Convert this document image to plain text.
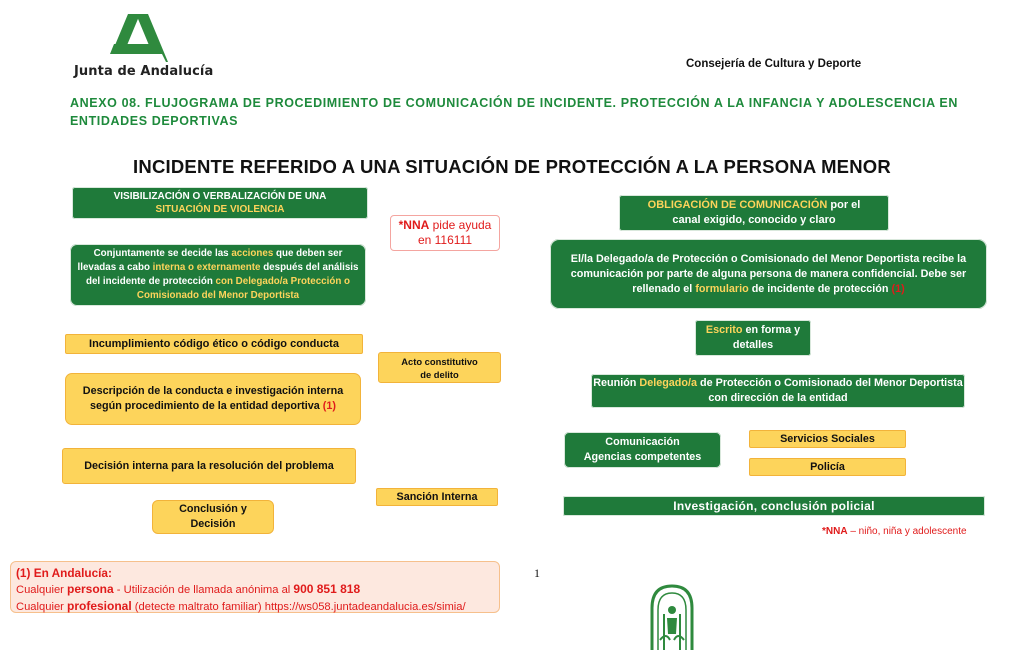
Junta de Andalucía	Consejería de Cultura y Deporte
ANEXO 08. FLUJOGRAMA DE PROCEDIMIENTO DE COMUNICACIÓN DE INCIDENTE. PROTECCIÓN A LA INFANCIA Y ADOLESCENCIA EN ENTIDADES DEPORTIVAS
INCIDENTE REFERIDO A UNA SITUACIÓN DE PROTECCIÓN A LA PERSONA MENOR
VISIBILIZACIÓN O VERBALIZACIÓN DE UNA
SITUACIÓN DE VIOLENCIA
Conjuntamente se decide las acciones que deben ser llevadas a cabo interna o externamente después del análisis del incidente de protección con Delegado/a Protección o Comisionado del Menor Deportista
Incumplimiento código ético o código conducta
Descripción de la conducta e investigación interna según procedimiento de la entidad deportiva (1)
Decisión interna para la resolución del problema
Conclusión y
Decisión
*NNA pide ayuda
en 116111
Acto constitutivo
de delito
Sanción Interna
OBLIGACIÓN DE COMUNICACIÓN por el
canal exigido, conocido y claro
El/la Delegado/a de Protección o Comisionado del Menor Deportista recibe la comunicación por parte de alguna persona de manera confidencial. Debe ser rellenado el formulario de incidente de protección (1)
Escrito en forma y
detalles
Reunión Delegado/a de Protección o Comisionado del Menor Deportista con dirección de la entidad
Comunicación
Agencias competentes
Servicios Sociales
Policía
Investigación, conclusión policial
*NNA – niño, niña y adolescente
(1) En Andalucía:
Cualquier persona - Utilización de llamada anónima al 900 851 818
Cualquier profesional (detecte maltrato familiar) https://ws058.juntadeandalucia.es/simia/
1
